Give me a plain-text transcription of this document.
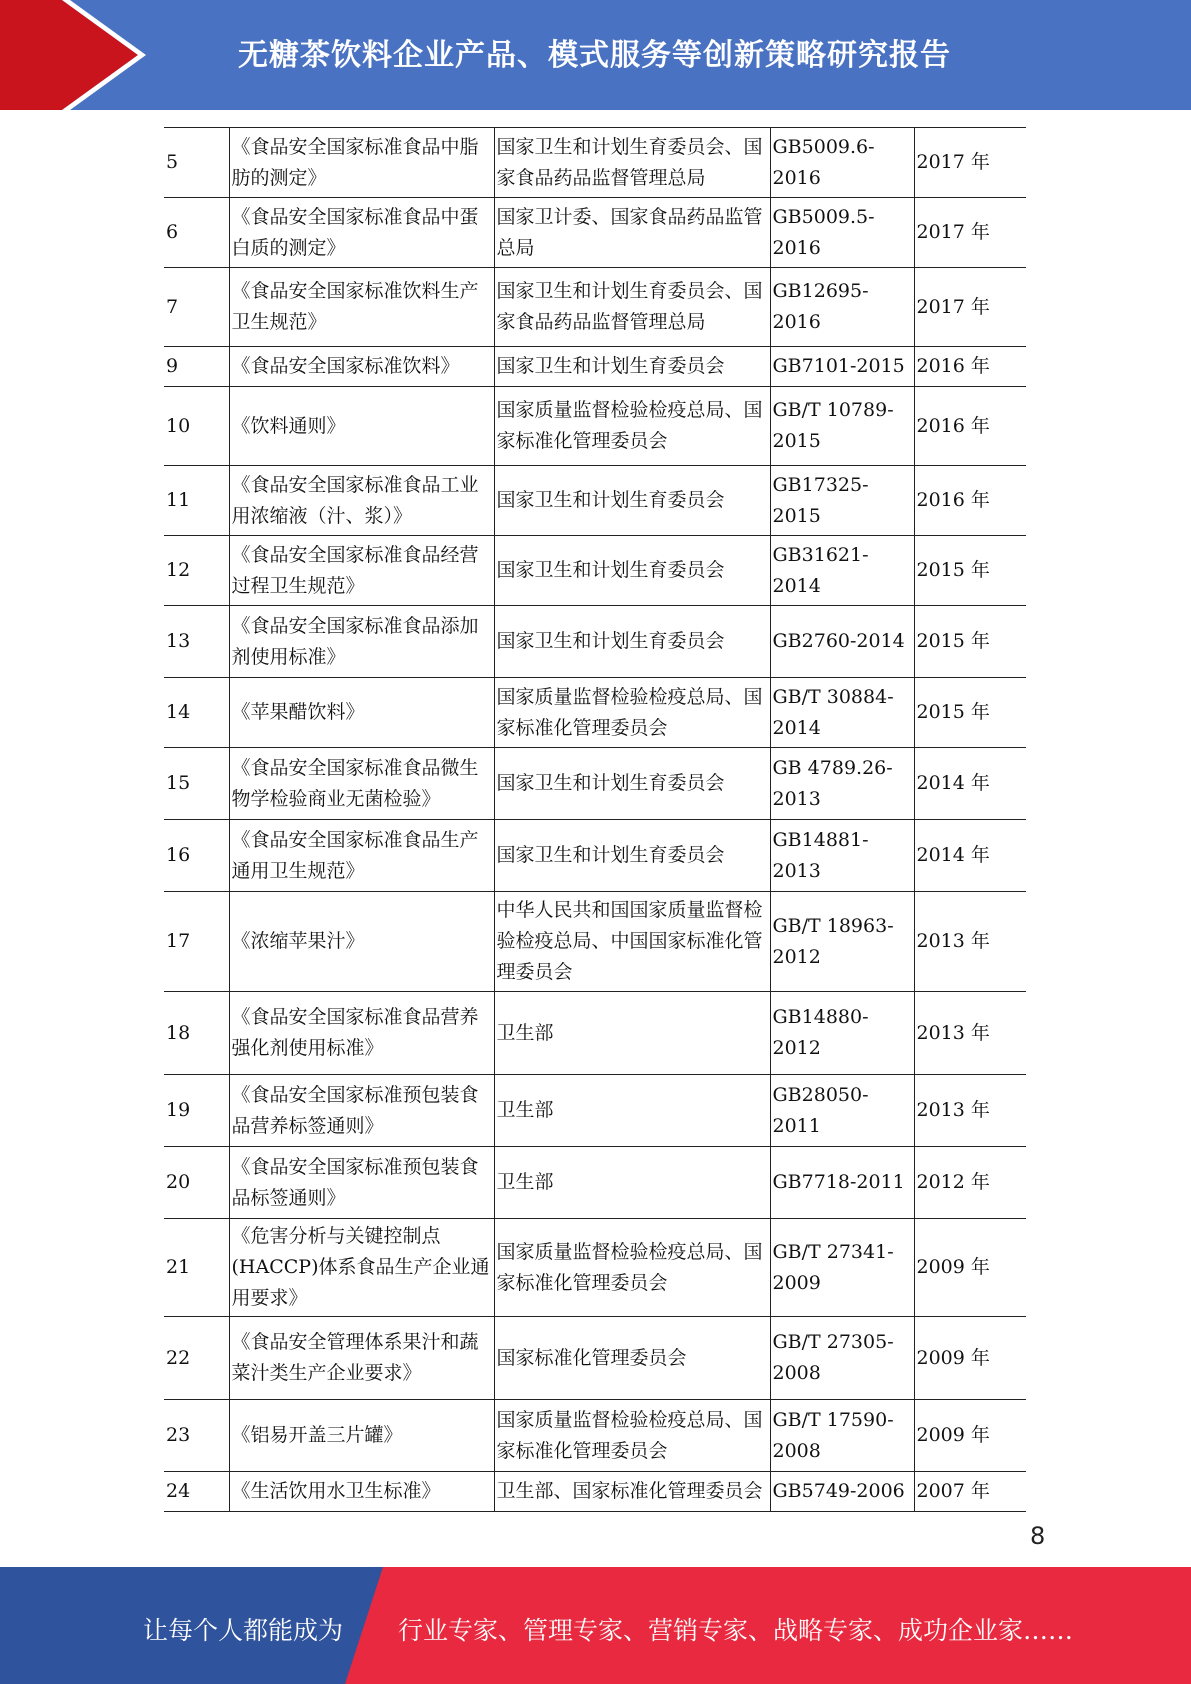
无糖茶饮料企业产品、模式服务等创新策略研究报告
5	《食品安全国家标准食品中脂肪的测定》	国家卫生和计划生育委员会、国家食品药品监督管理总局	GB5009.6-2016	2017 年
6	《食品安全国家标准食品中蛋白质的测定》	国家卫计委、国家食品药品监管总局	GB5009.5-2016	2017 年
7	《食品安全国家标准饮料生产卫生规范》	国家卫生和计划生育委员会、国家食品药品监督管理总局	GB12695-2016	2017 年
9	《食品安全国家标准饮料》	国家卫生和计划生育委员会	GB7101-2015	2016 年
10	《饮料通则》	国家质量监督检验检疫总局、国家标准化管理委员会	GB/T 10789-2015	2016 年
11	《食品安全国家标准食品工业用浓缩液（汁、浆）》	国家卫生和计划生育委员会	GB17325-2015	2016 年
12	《食品安全国家标准食品经营过程卫生规范》	国家卫生和计划生育委员会	GB31621-2014	2015 年
13	《食品安全国家标准食品添加剂使用标准》	国家卫生和计划生育委员会	GB2760-2014	2015 年
14	《苹果醋饮料》	国家质量监督检验检疫总局、国家标准化管理委员会	GB/T 30884-2014	2015 年
15	《食品安全国家标准食品微生物学检验商业无菌检验》	国家卫生和计划生育委员会	GB 4789.26-2013	2014 年
16	《食品安全国家标准食品生产通用卫生规范》	国家卫生和计划生育委员会	GB14881-2013	2014 年
17	《浓缩苹果汁》	中华人民共和国国家质量监督检验检疫总局、中国国家标准化管理委员会	GB/T 18963-2012	2013 年
18	《食品安全国家标准食品营养强化剂使用标准》	卫生部	GB14880-2012	2013 年
19	《食品安全国家标准预包装食品营养标签通则》	卫生部	GB28050-2011	2013 年
20	《食品安全国家标准预包装食品标签通则》	卫生部	GB7718-2011	2012 年
21	《危害分析与关键控制点(HACCP)体系食品生产企业通用要求》	国家质量监督检验检疫总局、国家标准化管理委员会	GB/T 27341-2009	2009 年
22	《食品安全管理体系果汁和蔬菜汁类生产企业要求》	国家标准化管理委员会	GB/T 27305-2008	2009 年
23	《铝易开盖三片罐》	国家质量监督检验检疫总局、国家标准化管理委员会	GB/T 17590-2008	2009 年
24	《生活饮用水卫生标准》	卫生部、国家标准化管理委员会	GB5749-2006	2007 年
8
让每个人都能成为 行业专家、管理专家、营销专家、战略专家、成功企业家……
